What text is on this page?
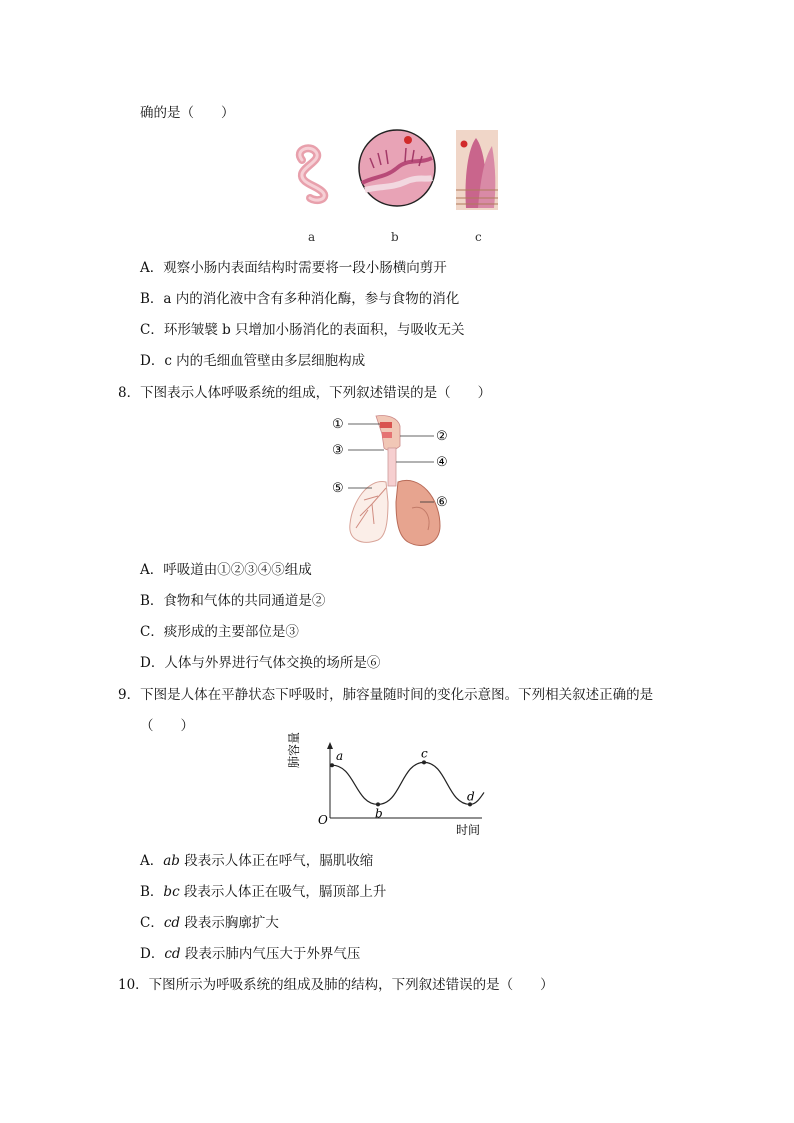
确的是（　　）
a	b	c
A．观察小肠内表面结构时需要将一段小肠横向剪开
B．a 内的消化液中含有多种消化酶，参与食物的消化
C．环形皱襞 b 只增加小肠消化的表面积，与吸收无关
D．c 内的毛细血管壁由多层细胞构成
8．下图表示人体呼吸系统的组成，下列叙述错误的是（　　）
①
②
③
④
⑤
⑥
A．呼吸道由①②③④⑤组成
B．食物和气体的共同通道是②
C．痰形成的主要部位是③
D．人体与外界进行气体交换的场所是⑥
9．下图是人体在平静状态下呼吸时，肺容量随时间的变化示意图。下列相关叙述正确的是
（　　）
肺容量
O
时间
a
b
c
d
A．ab 段表示人体正在呼气，膈肌收缩
B．bc 段表示人体正在吸气，膈顶部上升
C．cd 段表示胸廓扩大
D．cd 段表示肺内气压大于外界气压
10．下图所示为呼吸系统的组成及肺的结构，下列叙述错误的是（　　）
